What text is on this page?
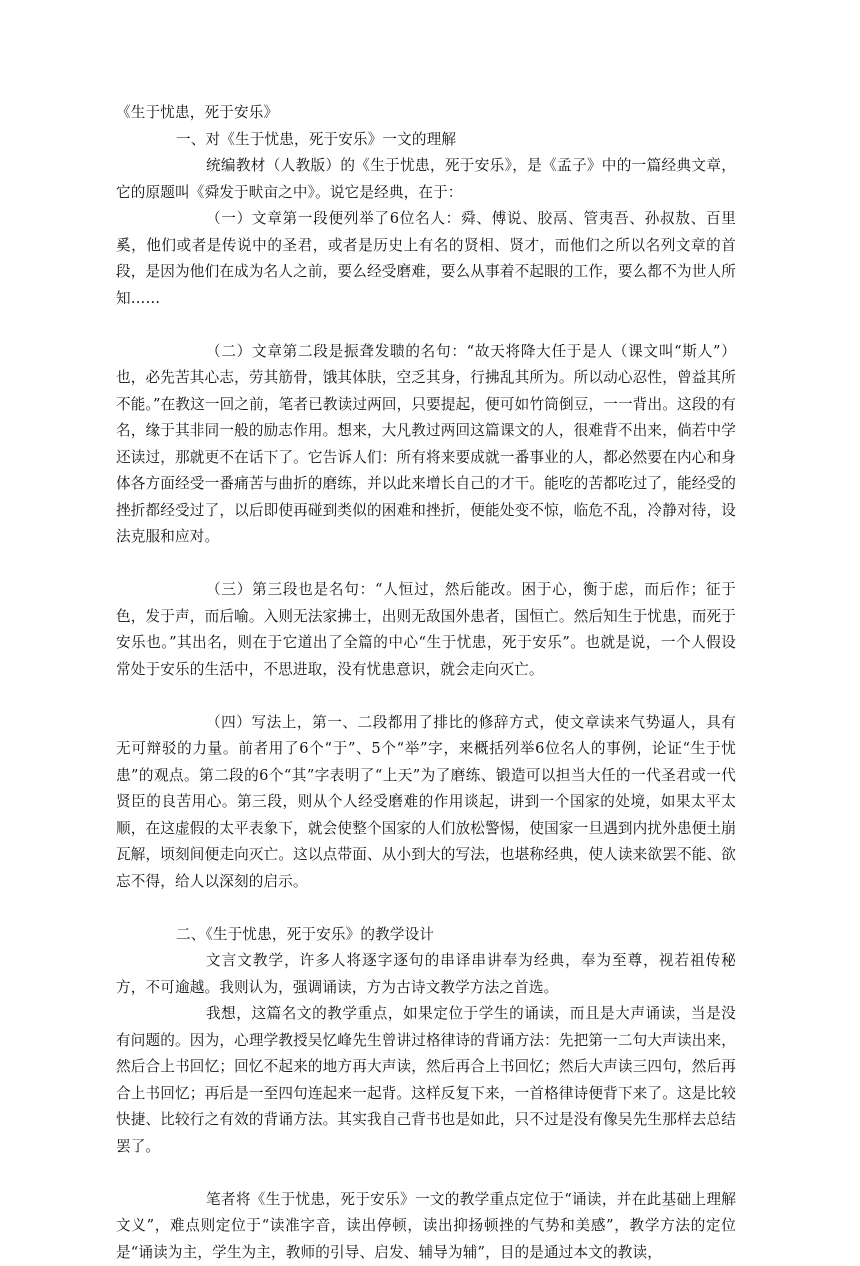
《生于忧患，死于安乐》

一、对《生于忧患，死于安乐》一文的理解

统编教材（人教版）的《生于忧患，死于安乐》，是《孟子》中的一篇经典文章，它的原题叫《舜发于畎亩之中》。说它是经典，在于：

（一）文章第一段便列举了6位名人：舜、傅说、胶鬲、管夷吾、孙叔敖、百里奚，他们或者是传说中的圣君，或者是历史上有名的贤相、贤才，而他们之所以名列文章的首段，是因为他们在成为名人之前，要么经受磨难，要么从事着不起眼的工作，要么都不为世人所知……

（二）文章第二段是振聋发聩的名句：“故天将降大任于是人（课文叫“斯人”）也，必先苦其心志，劳其筋骨，饿其体肤，空乏其身，行拂乱其所为。所以动心忍性，曾益其所不能。”在教这一回之前，笔者已教读过两回，只要提起，便可如竹筒倒豆，一一背出。这段的有名，缘于其非同一般的励志作用。想来，大凡教过两回这篇课文的人，很难背不出来，倘若中学还读过，那就更不在话下了。它告诉人们：所有将来要成就一番事业的人，都必然要在内心和身体各方面经受一番痛苦与曲折的磨练，并以此来增长自己的才干。能吃的苦都吃过了，能经受的挫折都经受过了，以后即使再碰到类似的困难和挫折，便能处变不惊，临危不乱，冷静对待，设法克服和应对。

（三）第三段也是名句：“人恒过，然后能改。困于心，衡于虑，而后作；征于色，发于声，而后喻。入则无法家拂士，出则无敌国外患者，国恒亡。然后知生于忧患，而死于安乐也。”其出名，则在于它道出了全篇的中心“生于忧患，死于安乐”。也就是说，一个人假设常处于安乐的生活中，不思进取，没有忧患意识，就会走向灭亡。

（四）写法上，第一、二段都用了排比的修辞方式，使文章读来气势逼人，具有无可辩驳的力量。前者用了6个“于”、5个“举”字，来概括列举6位名人的事例，论证“生于忧患”的观点。第二段的6个“其”字表明了“上天”为了磨练、锻造可以担当大任的一代圣君或一代贤臣的良苦用心。第三段，则从个人经受磨难的作用谈起，讲到一个国家的处境，如果太平太顺，在这虚假的太平表象下，就会使整个国家的人们放松警惕，使国家一旦遇到内扰外患便土崩瓦解，顷刻间便走向灭亡。这以点带面、从小到大的写法，也堪称经典，使人读来欲罢不能、欲忘不得，给人以深刻的启示。

二、《生于忧患，死于安乐》的教学设计

文言文教学，许多人将逐字逐句的串译串讲奉为经典，奉为至尊，视若祖传秘方，不可逾越。我则认为，强调诵读，方为古诗文教学方法之首选。

我想，这篇名文的教学重点，如果定位于学生的诵读，而且是大声诵读，当是没有问题的。因为，心理学教授吴忆峰先生曾讲过格律诗的背诵方法：先把第一二句大声读出来，然后合上书回忆；回忆不起来的地方再大声读，然后再合上书回忆；然后大声读三四句，然后再合上书回忆；再后是一至四句连起来一起背。这样反复下来，一首格律诗便背下来了。这是比较快捷、比较行之有效的背诵方法。其实我自己背书也是如此，只不过是没有像吴先生那样去总结罢了。

笔者将《生于忧患，死于安乐》一文的教学重点定位于“诵读，并在此基础上理解文义”，难点则定位于“读准字音，读出停顿，读出抑扬顿挫的气势和美感”，教学方法的定位是“诵读为主，学生为主，教师的引导、启发、辅导为辅”，目的是通过本文的教读，
